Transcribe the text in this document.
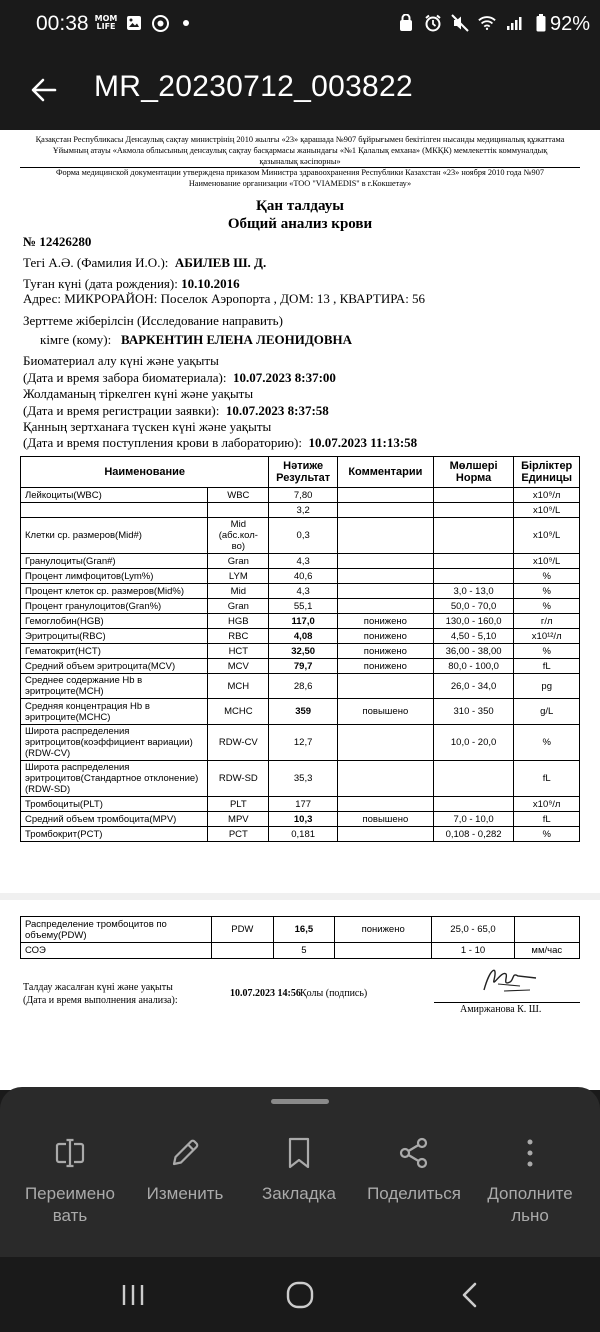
00:38 MOM LIFE	92%
MR_20230712_003822
Қазақстан Республикасы Денсаулық сақтау министрінің 2010 жылғы «23» қарашада №907 бұйрығымен бекітілген нысанды медициналық құжаттама
Ұйымның атауы «Акмола облысының денсаулық сақтау басқармасы жанындағы «№1 Қалалық емхана» (МКҚК) мемлекеттік коммуналдық
қазыналық кәсіпорны»
Форма медицинской документации утверждена приказом Министра здравоохранения Республики Казахстан «23» ноября 2010 года №907
Наименование организации «ТОО "VIAMEDIS" в г.Кокшетау»
Қан талдауы
Общий анализ крови
№ 12426280
Тегі А.Ә. (Фамилия И.О.): АБИЛЕВ Ш. Д.
Туған күні (дата рождения): 10.10.2016
Адрес: МИКРОРАЙОН: Поселок Аэропорта , ДОМ: 13 , КВАРТИРА: 56
Зерттеме жіберілсін (Исследование направить)
кімге (кому): ВАРКЕНТИН ЕЛЕНА ЛЕОНИДОВНА
Биоматериал алу күні және уақыты
(Дата и время забора биоматериала): 10.07.2023 8:37:00
Жолдаманың тіркелген күні және уақыты
(Дата и время регистрации заявки): 10.07.2023 8:37:58
Қанның зертханаға түскен күні және уақыты
(Дата и время поступления крови в лабораторию): 10.07.2023 11:13:58
Наименование		Нәтиже Результат	Комментарии	Мөлшері Норма	Бірліктер Единицы
Лейкоциты(WBC)	WBC	7,80			x10⁹/л
		3,2			x10⁹/L
Клетки ср. размеров(Mid#)	Mid (абс.кол-во)	0,3			x10⁹/L
Гранулоциты(Gran#)	Gran	4,3			x10⁹/L
Процент лимфоцитов(Lym%)	LYM	40,6			%
Процент клеток ср. размеров(Mid%)	Mid	4,3		3,0 - 13,0	%
Процент гранулоцитов(Gran%)	Gran	55,1		50,0 - 70,0	%
Гемоглобин(HGB)	HGB	117,0	понижено	130,0 - 160,0	г/л
Эритроциты(RBC)	RBC	4,08	понижено	4,50 - 5,10	x10¹²/л
Гематокрит(HCT)	HCT	32,50	понижено	36,00 - 38,00	%
Средний объем эритроцита(MCV)	MCV	79,7	понижено	80,0 - 100,0	fL
Среднее содержание Hb в эритроците(MCH)	MCH	28,6		26,0 - 34,0	pg
Средняя концентрация Hb в эритроците(MCHC)	MCHC	359	повышено	310 - 350	g/L
Широта распределения эритроцитов(коэффициент вариации)(RDW-CV)	RDW-CV	12,7		10,0 - 20,0	%
Широта распределения эритроцитов(Стандартное отклонение)(RDW-SD)	RDW-SD	35,3			fL
Тромбоциты(PLT)	PLT	177			x10⁹/л
Средний объем тромбоцита(MPV)	MPV	10,3	повышено	7,0 - 10,0	fL
Тромбокрит(PCT)	PCT	0,181		0,108 - 0,282	%
Распределение тромбоцитов по объему(PDW)	PDW	16,5	понижено	25,0 - 65,0	
СОЭ		5		1 - 10	мм/час
Талдау жасалған күні және уақыты
(Дата и время выполнения анализа):
10.07.2023 14:56 Қолы (подпись)
Амиржанова К. Ш.
Переимено вать
Изменить	Закладка	Поделиться	Дополните льно
